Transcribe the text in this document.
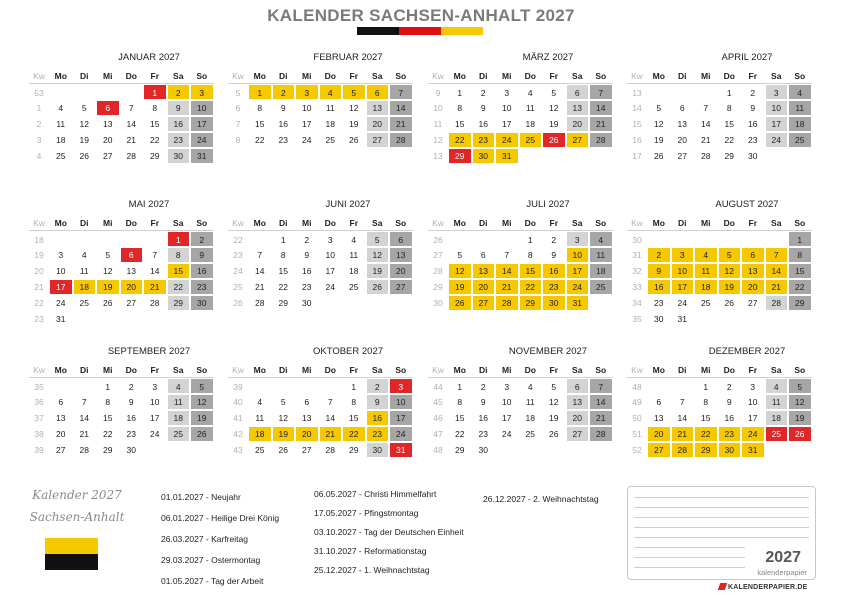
KALENDER SACHSEN-ANHALT 2027
JANUAR 2027
Kw	Mo	Di	Mi	Do	Fr	Sa	So
53					1	2	3
1	4	5	6	7	8	9	10
2	11	12	13	14	15	16	17
3	18	19	20	21	22	23	24
4	25	26	27	28	29	30	31
FEBRUAR 2027
Kw	Mo	Di	Mi	Do	Fr	Sa	So
5	1	2	3	4	5	6	7
6	8	9	10	11	12	13	14
7	15	16	17	18	19	20	21
8	22	23	24	25	26	27	28
MÄRZ 2027
Kw	Mo	Di	Mi	Do	Fr	Sa	So
9	1	2	3	4	5	6	7
10	8	9	10	11	12	13	14
11	15	16	17	18	19	20	21
12	22	23	24	25	26	27	28
13	29	30	31				
APRIL 2027
Kw	Mo	Di	Mi	Do	Fr	Sa	So
13				1	2	3	4
14	5	6	7	8	9	10	11
15	12	13	14	15	16	17	18
16	19	20	21	22	23	24	25
17	26	27	28	29	30		
MAI 2027
Kw	Mo	Di	Mi	Do	Fr	Sa	So
18						1	2
19	3	4	5	6	7	8	9
20	10	11	12	13	14	15	16
21	17	18	19	20	21	22	23
22	24	25	26	27	28	29	30
23	31						
JUNI 2027
Kw	Mo	Di	Mi	Do	Fr	Sa	So
22		1	2	3	4	5	6
23	7	8	9	10	11	12	13
24	14	15	16	17	18	19	20
25	21	22	23	24	25	26	27
26	28	29	30				
JULI 2027
Kw	Mo	Di	Mi	Do	Fr	Sa	So
26				1	2	3	4
27	5	6	7	8	9	10	11
28	12	13	14	15	16	17	18
29	19	20	21	22	23	24	25
30	26	27	28	29	30	31	
AUGUST 2027
Kw	Mo	Di	Mi	Do	Fr	Sa	So
30							1
31	2	3	4	5	6	7	8
32	9	10	11	12	13	14	15
33	16	17	18	19	20	21	22
34	23	24	25	26	27	28	29
35	30	31					
SEPTEMBER 2027
Kw	Mo	Di	Mi	Do	Fr	Sa	So
35			1	2	3	4	5
36	6	7	8	9	10	11	12
37	13	14	15	16	17	18	19
38	20	21	22	23	24	25	26
39	27	28	29	30			
OKTOBER 2027
Kw	Mo	Di	Mi	Do	Fr	Sa	So
39					1	2	3
40	4	5	6	7	8	9	10
41	11	12	13	14	15	16	17
42	18	19	20	21	22	23	24
43	25	26	27	28	29	30	31
NOVEMBER 2027
Kw	Mo	Di	Mi	Do	Fr	Sa	So
44	1	2	3	4	5	6	7
45	8	9	10	11	12	13	14
46	15	16	17	18	19	20	21
47	22	23	24	25	26	27	28
48	29	30					
DEZEMBER 2027
Kw	Mo	Di	Mi	Do	Fr	Sa	So
48			1	2	3	4	5
49	6	7	8	9	10	11	12
50	13	14	15	16	17	18	19
51	20	21	22	23	24	25	26
52	27	28	29	30	31		
Kalender 2027
Sachsen-Anhalt
01.01.2027 - Neujahr
06.01.2027 - Heilige Drei König
26.03.2027 - Karfreitag
29.03.2027 - Ostermontag
01.05.2027 - Tag der Arbeit
06.05.2027 - Christi Himmelfahrt
17.05.2027 - Pfingstmontag
03.10.2027 - Tag der Deutschen Einheit
31.10.2027 - Reformationstag
25.12.2027 - 1. Weihnachtstag
26.12.2027 - 2. Weihnachtstag
2027
kalenderpapier
KALENDERPAPIER.DE
